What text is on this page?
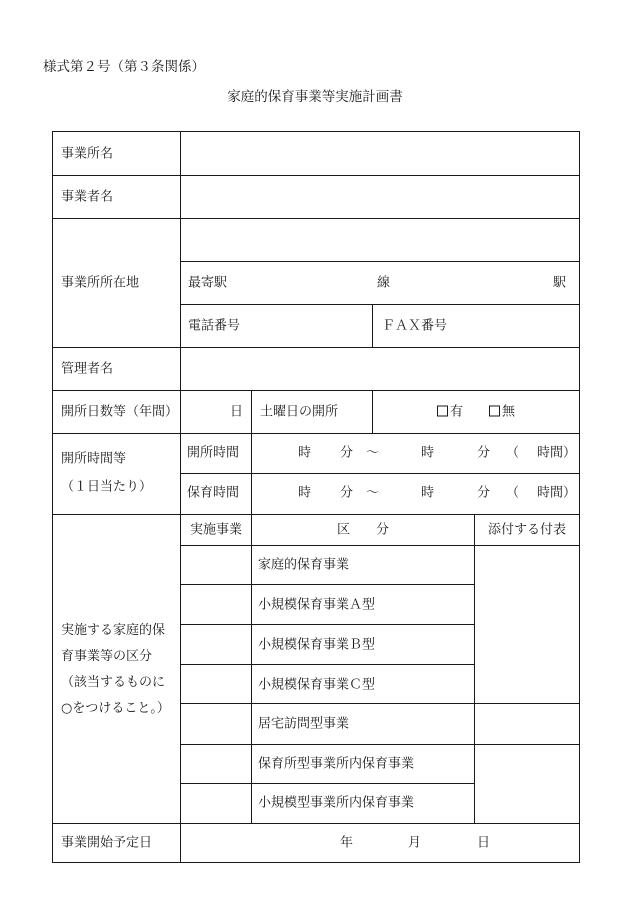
様式第２号（第３条関係）
家庭的保育事業等実施計画書
事業所名
事業者名
事業所所在地	最寄駅	線	駅
電話番号	ＦＡＸ番号
管理者名
開所日数等（年間）	日 土曜日の開所	有	無
開所時間等
（１日当たり）
開所時間	時 分 ～	時	分 （ 時間）
保育時間	時 分 ～	時	分 （ 時間）
実施する家庭的保
育事業等の区分
（該当するものに
○をつけること。）
実施事業	区　　分	添付する付表
家庭的保育事業
小規模保育事業Ａ型
小規模保育事業Ｂ型
小規模保育事業Ｃ型
居宅訪問型事業
保育所型事業所内保育事業
小規模型事業所内保育事業
事業開始予定日	年	月	日
